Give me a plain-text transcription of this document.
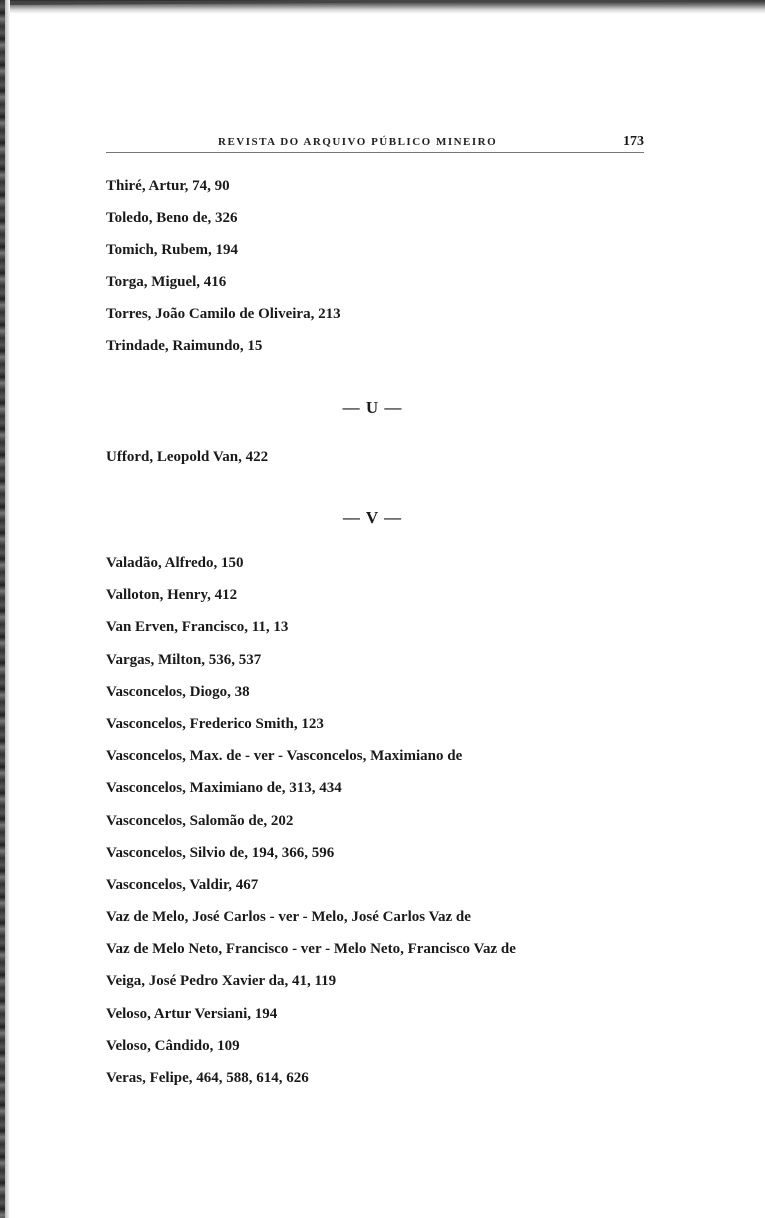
REVISTA DO ARQUIVO PÚBLICO MINEIRO	173
Thiré, Artur, 74, 90
Toledo, Beno de, 326
Tomich, Rubem, 194
Torga, Miguel, 416
Torres, João Camilo de Oliveira, 213
Trindade, Raimundo, 15
— U —
Ufford, Leopold Van, 422
— V —
Valadão, Alfredo, 150
Valloton, Henry, 412
Van Erven, Francisco, 11, 13
Vargas, Milton, 536, 537
Vasconcelos, Diogo, 38
Vasconcelos, Frederico Smith, 123
Vasconcelos, Max. de - ver - Vasconcelos, Maximiano de
Vasconcelos, Maximiano de, 313, 434
Vasconcelos, Salomão de, 202
Vasconcelos, Silvio de, 194, 366, 596
Vasconcelos, Valdir, 467
Vaz de Melo, José Carlos - ver - Melo, José Carlos Vaz de
Vaz de Melo Neto, Francisco - ver - Melo Neto, Francisco Vaz de
Veiga, José Pedro Xavier da, 41, 119
Veloso, Artur Versiani, 194
Veloso, Cândido, 109
Veras, Felipe, 464, 588, 614, 626
